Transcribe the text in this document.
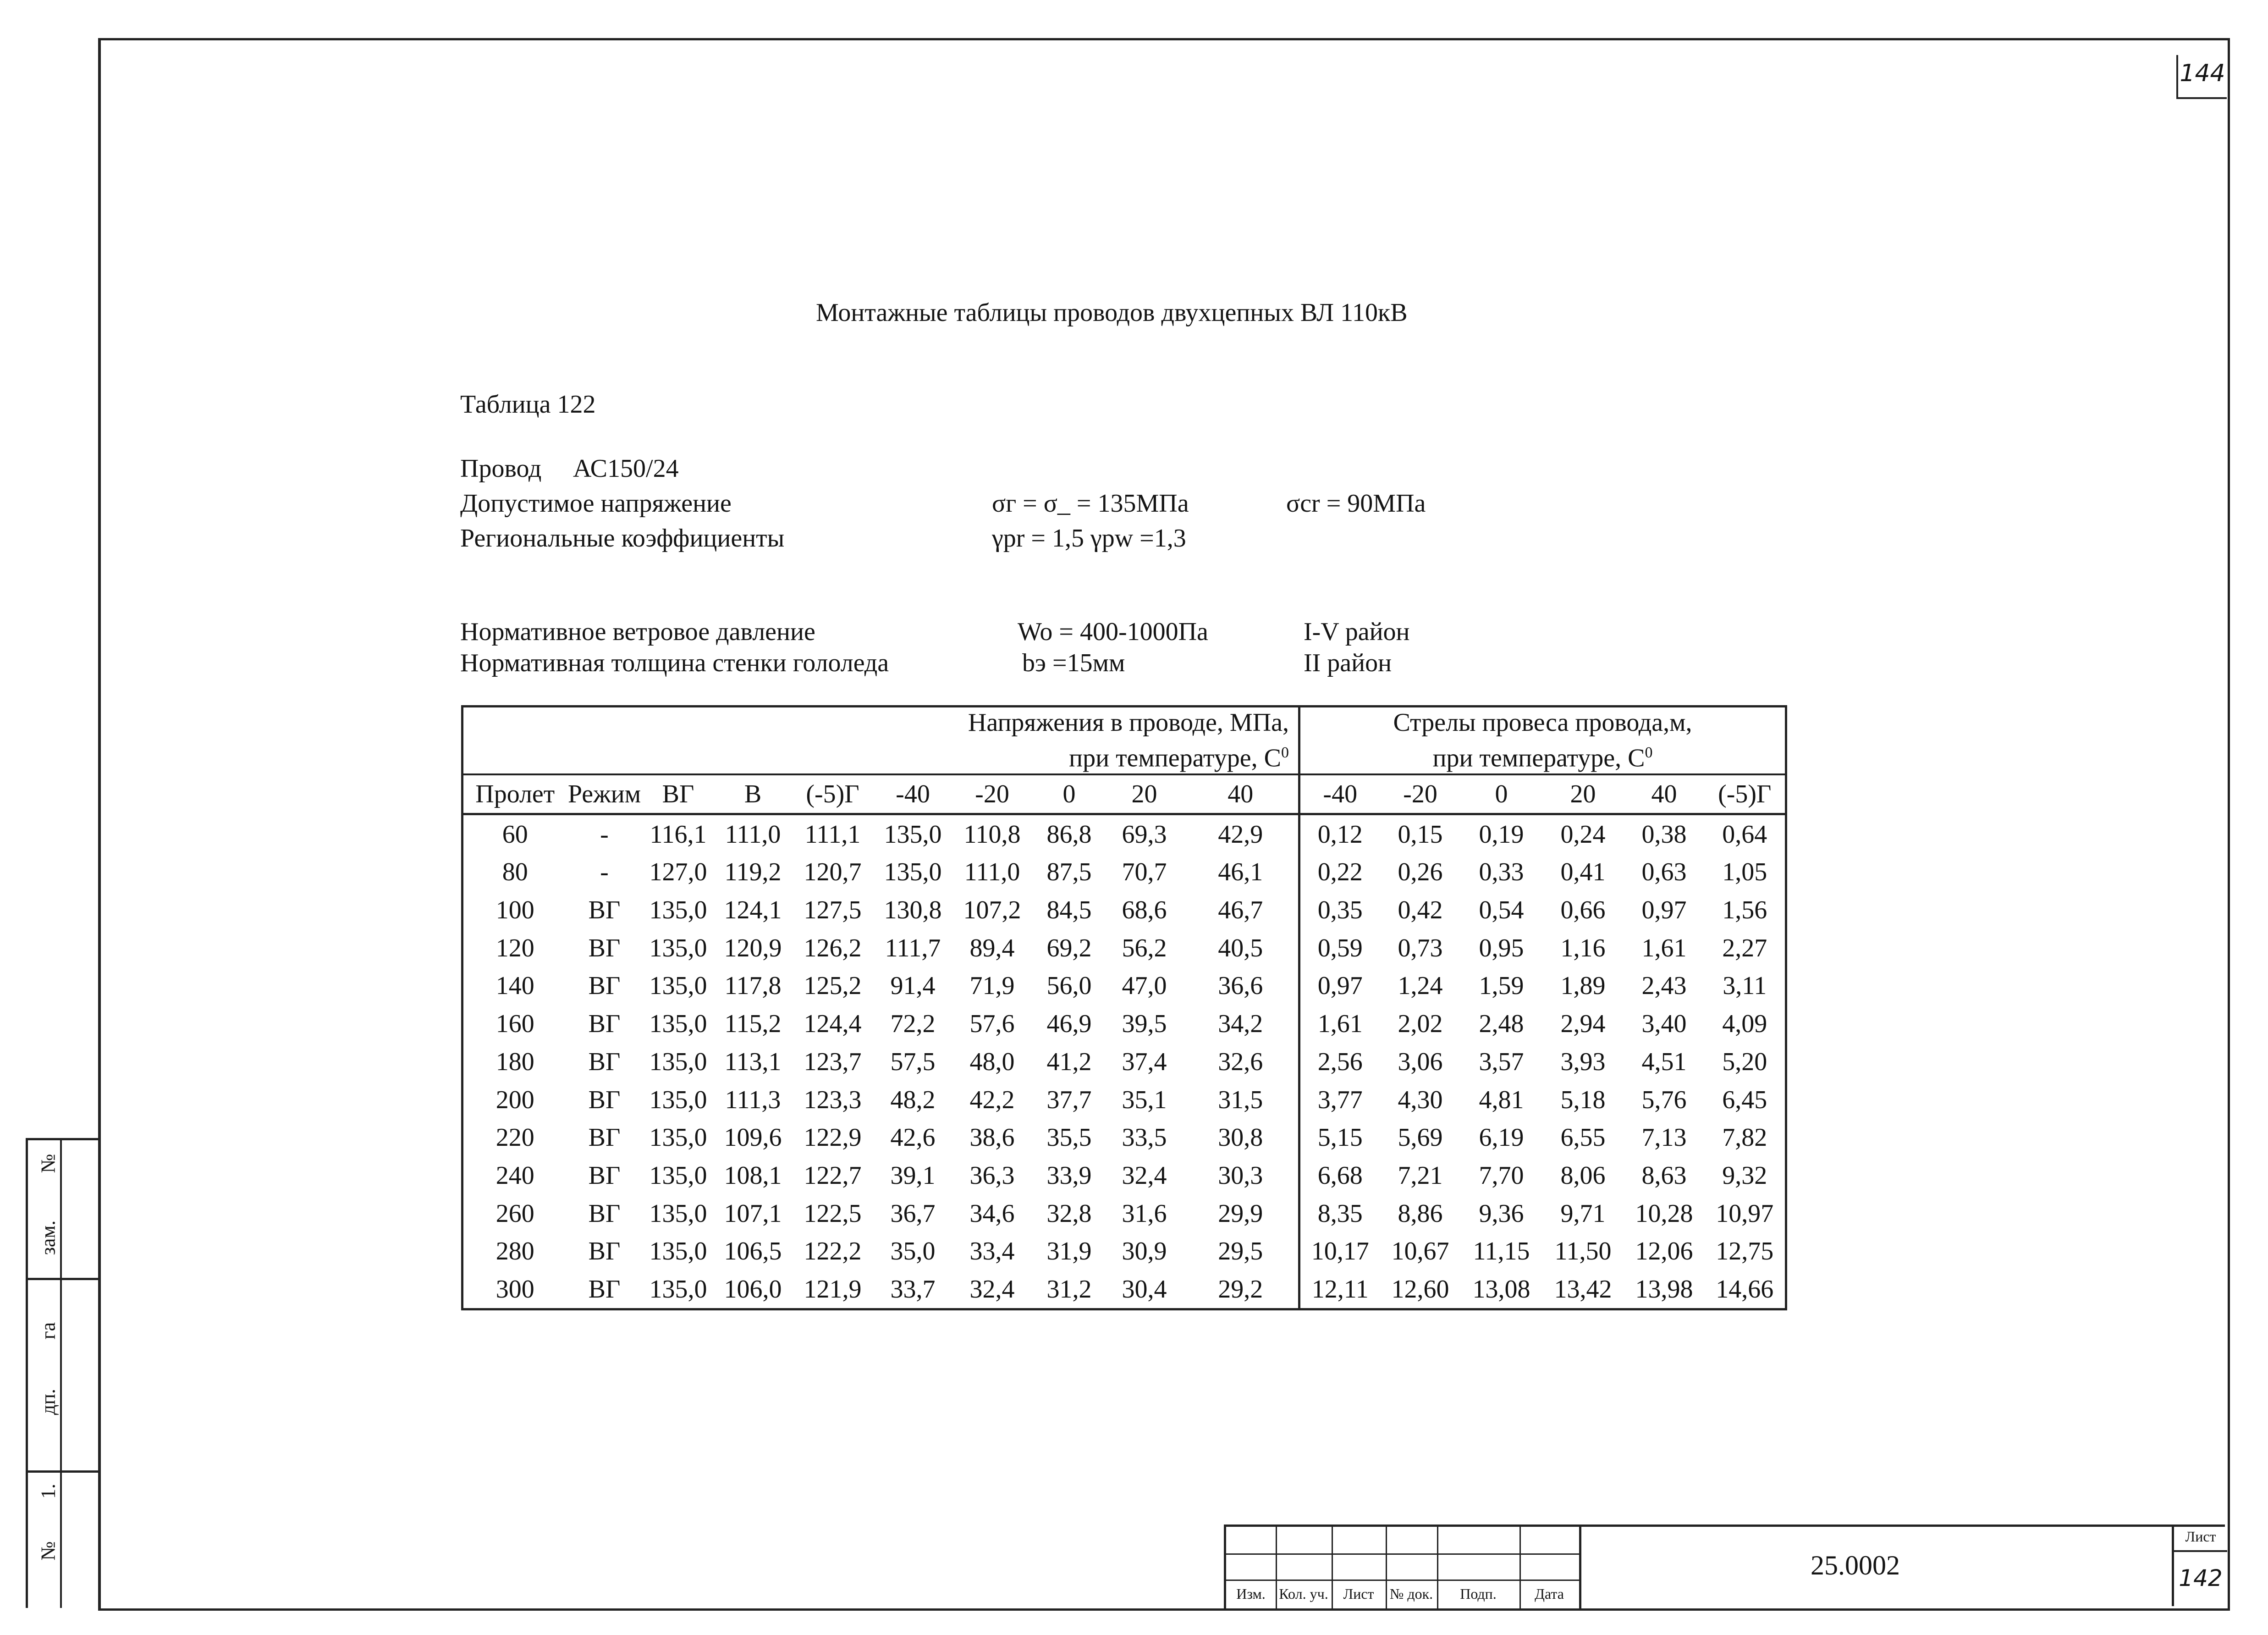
144
№
зам.
га
дп.
1.
№
Монтажные таблицы проводов двухцепных ВЛ 110кВ
Таблица 122
Провод АС150/24
Допустимое напряжение	σг = σ_ = 135МПа	σcr = 90МПа
Региональные коэффициенты	γpr = 1,5 γpw =1,3
Нормативное ветровое давление	Wo = 400-1000Па	I-V район
Нормативная толщина стенки гололеда	bэ =15мм	II район
Напряжения в проводе, МПа,
при температуре, $C^0$										Стрелы провеса провода,м,
при температуре, $C^0$
Пролет	Режим	ВГ	В	(-5)Г	-40	-20	0	20	40	-40	-20	0	20	40	(-5)Г
60	-	116,1	111,0	111,1	135,0	110,8	86,8	69,3	42,9	0,12	0,15	0,19	0,24	0,38	0,64
80	-	127,0	119,2	120,7	135,0	111,0	87,5	70,7	46,1	0,22	0,26	0,33	0,41	0,63	1,05
100	ВГ	135,0	124,1	127,5	130,8	107,2	84,5	68,6	46,7	0,35	0,42	0,54	0,66	0,97	1,56
120	ВГ	135,0	120,9	126,2	111,7	89,4	69,2	56,2	40,5	0,59	0,73	0,95	1,16	1,61	2,27
140	ВГ	135,0	117,8	125,2	91,4	71,9	56,0	47,0	36,6	0,97	1,24	1,59	1,89	2,43	3,11
160	ВГ	135,0	115,2	124,4	72,2	57,6	46,9	39,5	34,2	1,61	2,02	2,48	2,94	3,40	4,09
180	ВГ	135,0	113,1	123,7	57,5	48,0	41,2	37,4	32,6	2,56	3,06	3,57	3,93	4,51	5,20
200	ВГ	135,0	111,3	123,3	48,2	42,2	37,7	35,1	31,5	3,77	4,30	4,81	5,18	5,76	6,45
220	ВГ	135,0	109,6	122,9	42,6	38,6	35,5	33,5	30,8	5,15	5,69	6,19	6,55	7,13	7,82
240	ВГ	135,0	108,1	122,7	39,1	36,3	33,9	32,4	30,3	6,68	7,21	7,70	8,06	8,63	9,32
260	ВГ	135,0	107,1	122,5	36,7	34,6	32,8	31,6	29,9	8,35	8,86	9,36	9,71	10,28	10,97
280	ВГ	135,0	106,5	122,2	35,0	33,4	31,9	30,9	29,5	10,17	10,67	11,15	11,50	12,06	12,75
300	ВГ	135,0	106,0	121,9	33,7	32,4	31,2	30,4	29,2	12,11	12,60	13,08	13,42	13,98	14,66
Изм. Кол. уч.	Лист	№ док.	Подп.	Дата
25.0002
Лист
142
